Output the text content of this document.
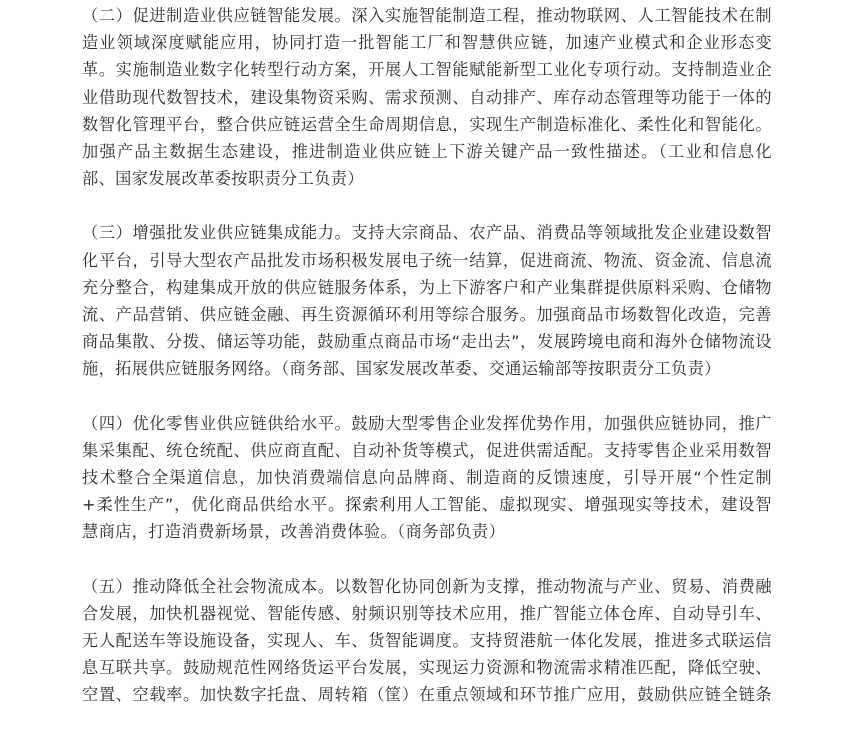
（二）促进制造业供应链智能发展。深入实施智能制造工程，推动物联网、人工智能技术在制
造业领域深度赋能应用，协同打造一批智能工厂和智慧供应链，加速产业模式和企业形态变
革。实施制造业数字化转型行动方案，开展人工智能赋能新型工业化专项行动。支持制造业企
业借助现代数智技术，建设集物资采购、需求预测、自动排产、库存动态管理等功能于一体的
数智化管理平台，整合供应链运营全生命周期信息，实现生产制造标准化、柔性化和智能化。
加强产品主数据生态建设，推进制造业供应链上下游关键产品一致性描述。（工业和信息化
部、国家发展改革委按职责分工负责）

（三）增强批发业供应链集成能力。支持大宗商品、农产品、消费品等领域批发企业建设数智
化平台，引导大型农产品批发市场积极发展电子统一结算，促进商流、物流、资金流、信息流
充分整合，构建集成开放的供应链服务体系，为上下游客户和产业集群提供原料采购、仓储物
流、产品营销、供应链金融、再生资源循环利用等综合服务。加强商品市场数智化改造，完善
商品集散、分拨、储运等功能，鼓励重点商品市场“走出去”，发展跨境电商和海外仓储物流设
施，拓展供应链服务网络。（商务部、国家发展改革委、交通运输部等按职责分工负责）

（四）优化零售业供应链供给水平。鼓励大型零售企业发挥优势作用，加强供应链协同，推广
集采集配、统仓统配、供应商直配、自动补货等模式，促进供需适配。支持零售企业采用数智
技术整合全渠道信息，加快消费端信息向品牌商、制造商的反馈速度，引导开展“个性定制
+柔性生产”，优化商品供给水平。探索利用人工智能、虚拟现实、增强现实等技术，建设智
慧商店，打造消费新场景，改善消费体验。（商务部负责）

（五）推动降低全社会物流成本。以数智化协同创新为支撑，推动物流与产业、贸易、消费融
合发展，加快机器视觉、智能传感、射频识别等技术应用，推广智能立体仓库、自动导引车、
无人配送车等设施设备，实现人、车、货智能调度。支持贸港航一体化发展，推进多式联运信
息互联共享。鼓励规范性网络货运平台发展，实现运力资源和物流需求精准匹配，降低空驶、
空置、空载率。加快数字托盘、周转箱（筐）在重点领域和环节推广应用，鼓励供应链全链条
